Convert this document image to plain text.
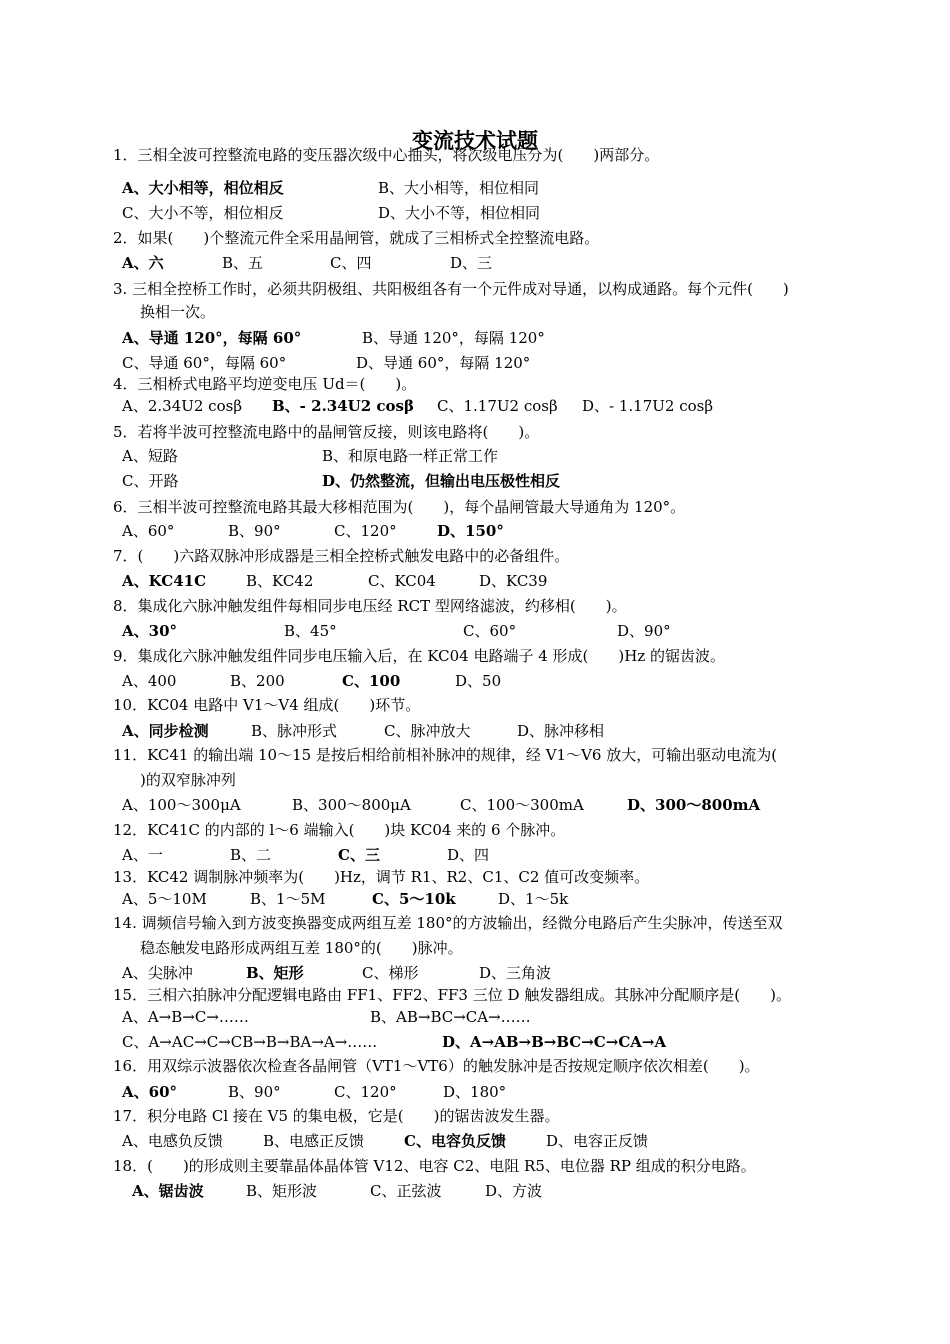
变流技术试题
1．三相全波可控整流电路的变压器次级中心抽头，将次级电压分为(　　)两部分。
A、大小相等，相位相反	B、大小相等，相位相同
C、大小不等，相位相反	D、大小不等，相位相同
2．如果(　　)个整流元件全采用晶闸管，就成了三相桥式全控整流电路。
A、六	B、五	C、四	D、三
3. 三相全控桥工作时，必须共阴极组、共阳极组各有一个元件成对导通，以构成通路。每个元件(　　)
换相一次。
A、导通 120°，每隔 60°	B、导通 120°，每隔 120°
C、导通 60°，每隔 60°	D、导通 60°，每隔 120°
4．三相桥式电路平均逆变电压 Ud＝(　　)。
A、2.34U2 cosβ B、- 2.34U2 cosβ C、1.17U2 cosβ D、- 1.17U2 cosβ
5．若将半波可控整流电路中的晶闸管反接，则该电路将(　　)。
A、短路	B、和原电路一样正常工作
C、开路	D、仍然整流，但输出电压极性相反
6．三相半波可控整流电路其最大移相范围为(　　)，每个晶闸管最大导通角为 120°。
A、60°	B、90°	C、120°	D、150°
7．(　　)六路双脉冲形成器是三相全控桥式触发电路中的必备组件。
A、KC41C	B、KC42	C、KC04	D、KC39
8．集成化六脉冲触发组件每相同步电压经 RCT 型网络滤波，约移相(　　)。
A、30°	B、45°	C、60°	D、90°
9．集成化六脉冲触发组件同步电压输入后，在 KC04 电路端子 4 形成(　　)Hz 的锯齿波。
A、400	B、200	C、100	D、50
10．KC04 电路中 V1～V4 组成(　　)环节。
A、同步检测	B、脉冲形式	C、脉冲放大	D、脉冲移相
11．KC41 的输出端 10～15 是按后相给前相补脉冲的规律，经 V1～V6 放大，可输出驱动电流为(
)的双窄脉冲列
A、100～300μA	B、300～800μA	C、100～300mA	D、300～800mA
12．KC41C 的内部的 l～6 端输入(　　)块 KC04 来的 6 个脉冲。
A、一	B、二	C、三	D、四
13．KC42 调制脉冲频率为(　　)Hz，调节 R1、R2、C1、C2 值可改变频率。
A、5～10M	B、1～5M	C、5～10k	D、1～5k
14. 调频信号输入到方波变换器变成两组互差 180°的方波输出，经微分电路后产生尖脉冲，传送至双
稳态触发电路形成两组互差 180°的(　　)脉冲。
A、尖脉冲	B、矩形	C、梯形	D、三角波
15．三相六拍脉冲分配逻辑电路由 FF1、FF2、FF3 三位 D 触发器组成。其脉冲分配顺序是(　　)。
A、A→B→C→……	B、AB→BC→CA→……
C、A→AC→C→CB→B→BA→A→……	D、A→AB→B→BC→C→CA→A
16．用双综示波器依次检查各晶闸管（VT1～VT6）的触发脉冲是否按规定顺序依次相差(　　)。
A、60°	B、90°	C、120°	D、180°
17．积分电路 Cl 接在 V5 的集电极，它是(　　)的锯齿波发生器。
A、电感负反馈	B、电感正反馈	C、电容负反馈	D、电容正反馈
18．(　　)的形成则主要靠晶体晶体管 V12、电容 C2、电阻 R5、电位器 RP 组成的积分电路。
A、锯齿波	B、矩形波	C、正弦波	D、方波
